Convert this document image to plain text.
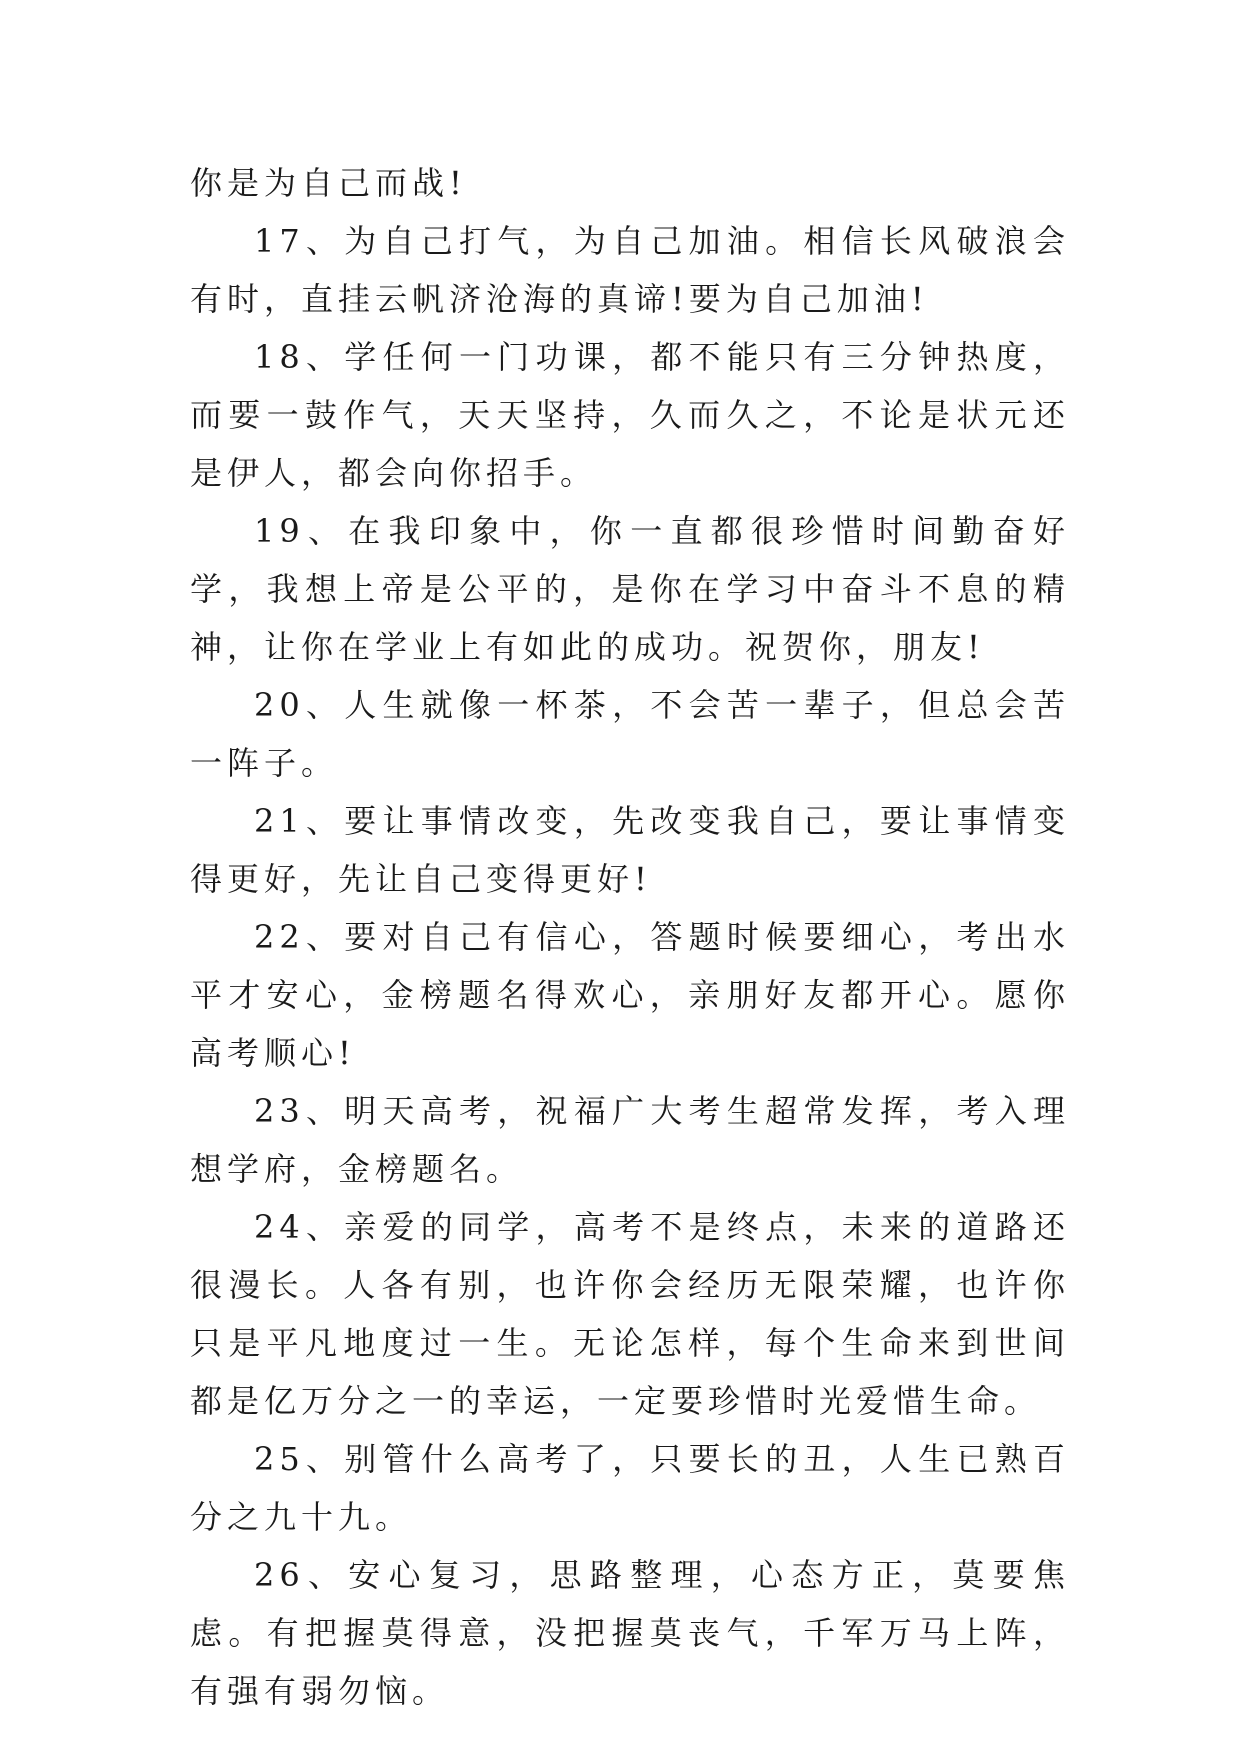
你是为自己而战!

17、为自己打气，为自己加油。相信长风破浪会有时，直挂云帆济沧海的真谛!要为自己加油!

18、学任何一门功课，都不能只有三分钟热度，而要一鼓作气，天天坚持，久而久之，不论是状元还是伊人，都会向你招手。

19、在我印象中，你一直都很珍惜时间勤奋好学，我想上帝是公平的，是你在学习中奋斗不息的精神，让你在学业上有如此的成功。祝贺你，朋友!

20、人生就像一杯茶，不会苦一辈子，但总会苦一阵子。

21、要让事情改变，先改变我自己，要让事情变得更好，先让自己变得更好!

22、要对自己有信心，答题时候要细心，考出水平才安心，金榜题名得欢心，亲朋好友都开心。愿你高考顺心!

23、明天高考，祝福广大考生超常发挥，考入理想学府，金榜题名。

24、亲爱的同学，高考不是终点，未来的道路还很漫长。人各有别，也许你会经历无限荣耀，也许你只是平凡地度过一生。无论怎样，每个生命来到世间都是亿万分之一的幸运，一定要珍惜时光爱惜生命。

25、别管什么高考了，只要长的丑，人生已熟百分之九十九。

26、安心复习，思路整理，心态方正，莫要焦虑。有把握莫得意，没把握莫丧气，千军万马上阵，有强有弱勿恼。
